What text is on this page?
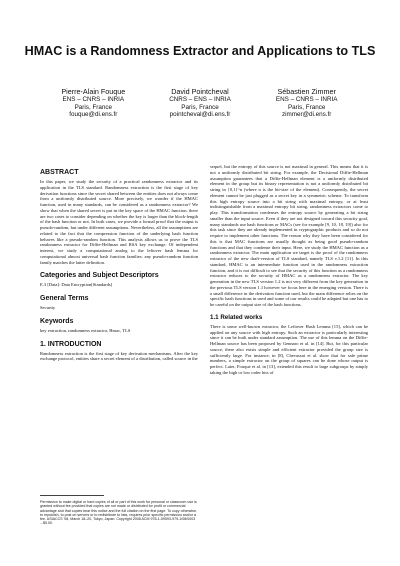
HMAC is a Randomness Extractor and Applications to TLS
Pierre-Alain Fouque
ENS – CNRS – INRIA
Paris, France
fouque@di.ens.fr
David Pointcheval
CNRS – ENS – INRIA
Paris, France
pointcheval@di.ens.fr
Sébastien Zimmer
ENS – CNRS – INRIA
Paris, France
zimmer@di.ens.fr
ABSTRACT

In this paper, we study the security of a practical randomness extractor and its application in the TLS standard. Randomness extraction is the first stage of key derivation functions since the secret shared between the entities does not always come from a uniformly distributed source. More precisely, we wonder if the HMAC function, used in many standards, can be considered as a randomness extractor? We show that when the shared secret is put in the key space of the HMAC function, there are two cases to consider depending on whether the key is larger than the block-length of the hash function or not. In both cases, we provide a formal proof that the output is pseudo-random, but under different assumptions. Nevertheless, all the assumptions are related to the fact that the compression function of the underlying hash function behaves like a pseudo-random function. This analysis allows us to prove the TLS randomness extractor for Diffie-Hellman and RSA key exchange. Of independent interest, we study a computational analog to the leftover hash lemma for computational almost universal hash function families: any pseudo-random function family matches the latter definition.

Categories and Subject Descriptors

E.3 [Data]: Data Encryption[Standards]

General Terms

Security

Keywords

key extraction, randomness extractor, Hmac, TLS

1. INTRODUCTION

Randomness extraction is the first stage of key derivation mechanisms. After the key exchange protocol, entities share a secret element of a distribution, called source in the

Permission to make digital or hard copies of all or part of this work for personal or classroom use is granted without fee provided that copies are not made or distributed for profit or commercial advantage and that copies bear this notice and the full citation on the first page. To copy otherwise, to republish, to post on servers or to redistribute to lists, requires prior specific permission and/or a fee. ASIACCS '08, March 18–20, Tokyo, Japan. Copyright 2008 ACM 978-1-59593-979-1/08/0003 ...$5.00.

sequel, but the entropy of this source is not maximal in general. This means that it is not a uniformly distributed bit string. For example, the Decisional Diffie-Hellman assumption guarantees that a Diffie-Hellman element is a uniformly distributed element in the group but its binary representation is not a uniformly distributed bit string in {0,1}^n (where n is the bit-size of the element). Consequently, the secret element cannot be just plugged as a secret key in a symmetric scheme. To transform this high entropy source into a bit string with maximal entropy, or at least indistinguishable from a maximal entropy bit string, randomness extractors come to play. This transformation condenses the entropy source by generating a bit string smaller than the input source. Even if they are not designed toward this security goal, many standards use hash functions or MACs (see for example [9, 10, 18, 19]) also for this task since they are already implemented in cryptographic products and so do not require to implement other functions. The reason why they have been considered for this is that MAC functions are usually thought as being good pseudo-random functions and that they condense their input. Here, we study the HMAC function as a randomness extractor. The main application we target is the proof of the randomness extractor of the new draft-version of TLS standard, namely TLS v.1.2 [11]. In this standard, HMAC is an intermediate function used in the randomness extraction function, and it is not difficult to see that the security of this function as a randomness extractor reduces to the security of HMAC as a randomness extractor. The key generation in the new TLS version 1.2 is not very different from the key generation in the previous TLS version 1.1 however we focus here in the emerging version. There is a small difference in the derivation function used, but the main difference relies on the specific hash functions in used and some of our results could be adapted but one has to be careful on the output size of the hash functions.

1.1 Related works

There is some well-known extractor, the Leftover Hash Lemma [15], which can be applied on any source with high entropy. Such an extractor is particularly interesting since it can be built under standard assumption. The use of this lemma on the Diffie-Hellman source has been proposed by Gennaro et al. in [14]. But, for this particular source, there also exists simple and efficient extractor provided the group size is sufficiently large. For instance, in [8], Chevassut et al. show that for safe prime numbers, a simple extractor on the group of squares can be done whose output is perfect. Later, Fouque et al. in [13], extended this result to large subgroups by simply taking the high or low order bits of
